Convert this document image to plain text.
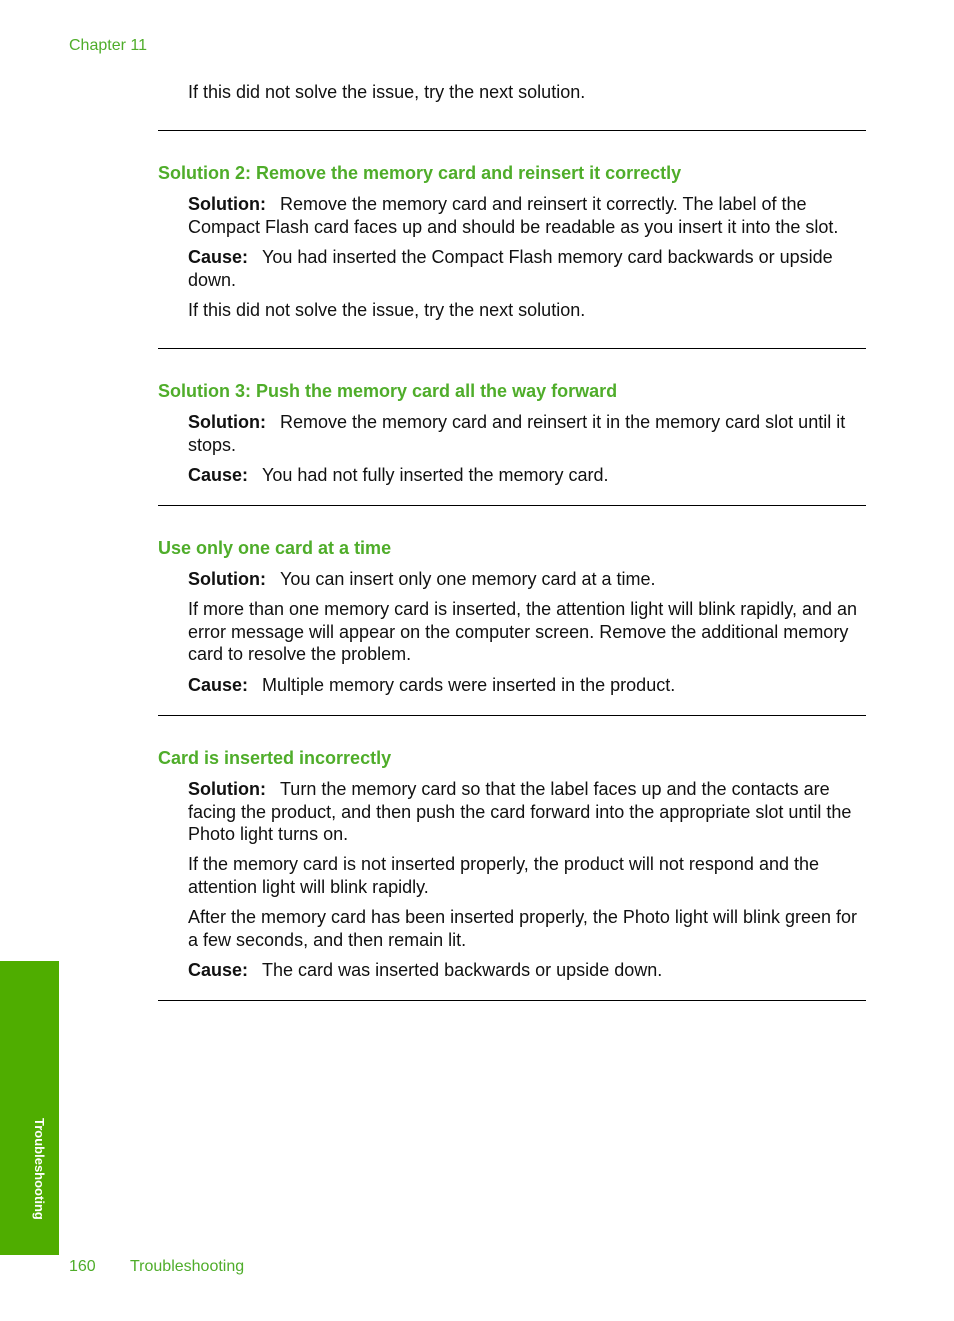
Chapter 11

If this did not solve the issue, try the next solution.

Solution 2: Remove the memory card and reinsert it correctly

Solution: Remove the memory card and reinsert it correctly. The label of the Compact Flash card faces up and should be readable as you insert it into the slot.

Cause: You had inserted the Compact Flash memory card backwards or upside down.

If this did not solve the issue, try the next solution.

Solution 3: Push the memory card all the way forward

Solution: Remove the memory card and reinsert it in the memory card slot until it stops.

Cause: You had not fully inserted the memory card.

Use only one card at a time

Solution: You can insert only one memory card at a time.

If more than one memory card is inserted, the attention light will blink rapidly, and an error message will appear on the computer screen. Remove the additional memory card to resolve the problem.

Cause: Multiple memory cards were inserted in the product.

Card is inserted incorrectly

Solution: Turn the memory card so that the label faces up and the contacts are facing the product, and then push the card forward into the appropriate slot until the Photo light turns on.

If the memory card is not inserted properly, the product will not respond and the attention light will blink rapidly.

After the memory card has been inserted properly, the Photo light will blink green for a few seconds, and then remain lit.

Cause: The card was inserted backwards or upside down.

Troubleshooting
160 Troubleshooting
